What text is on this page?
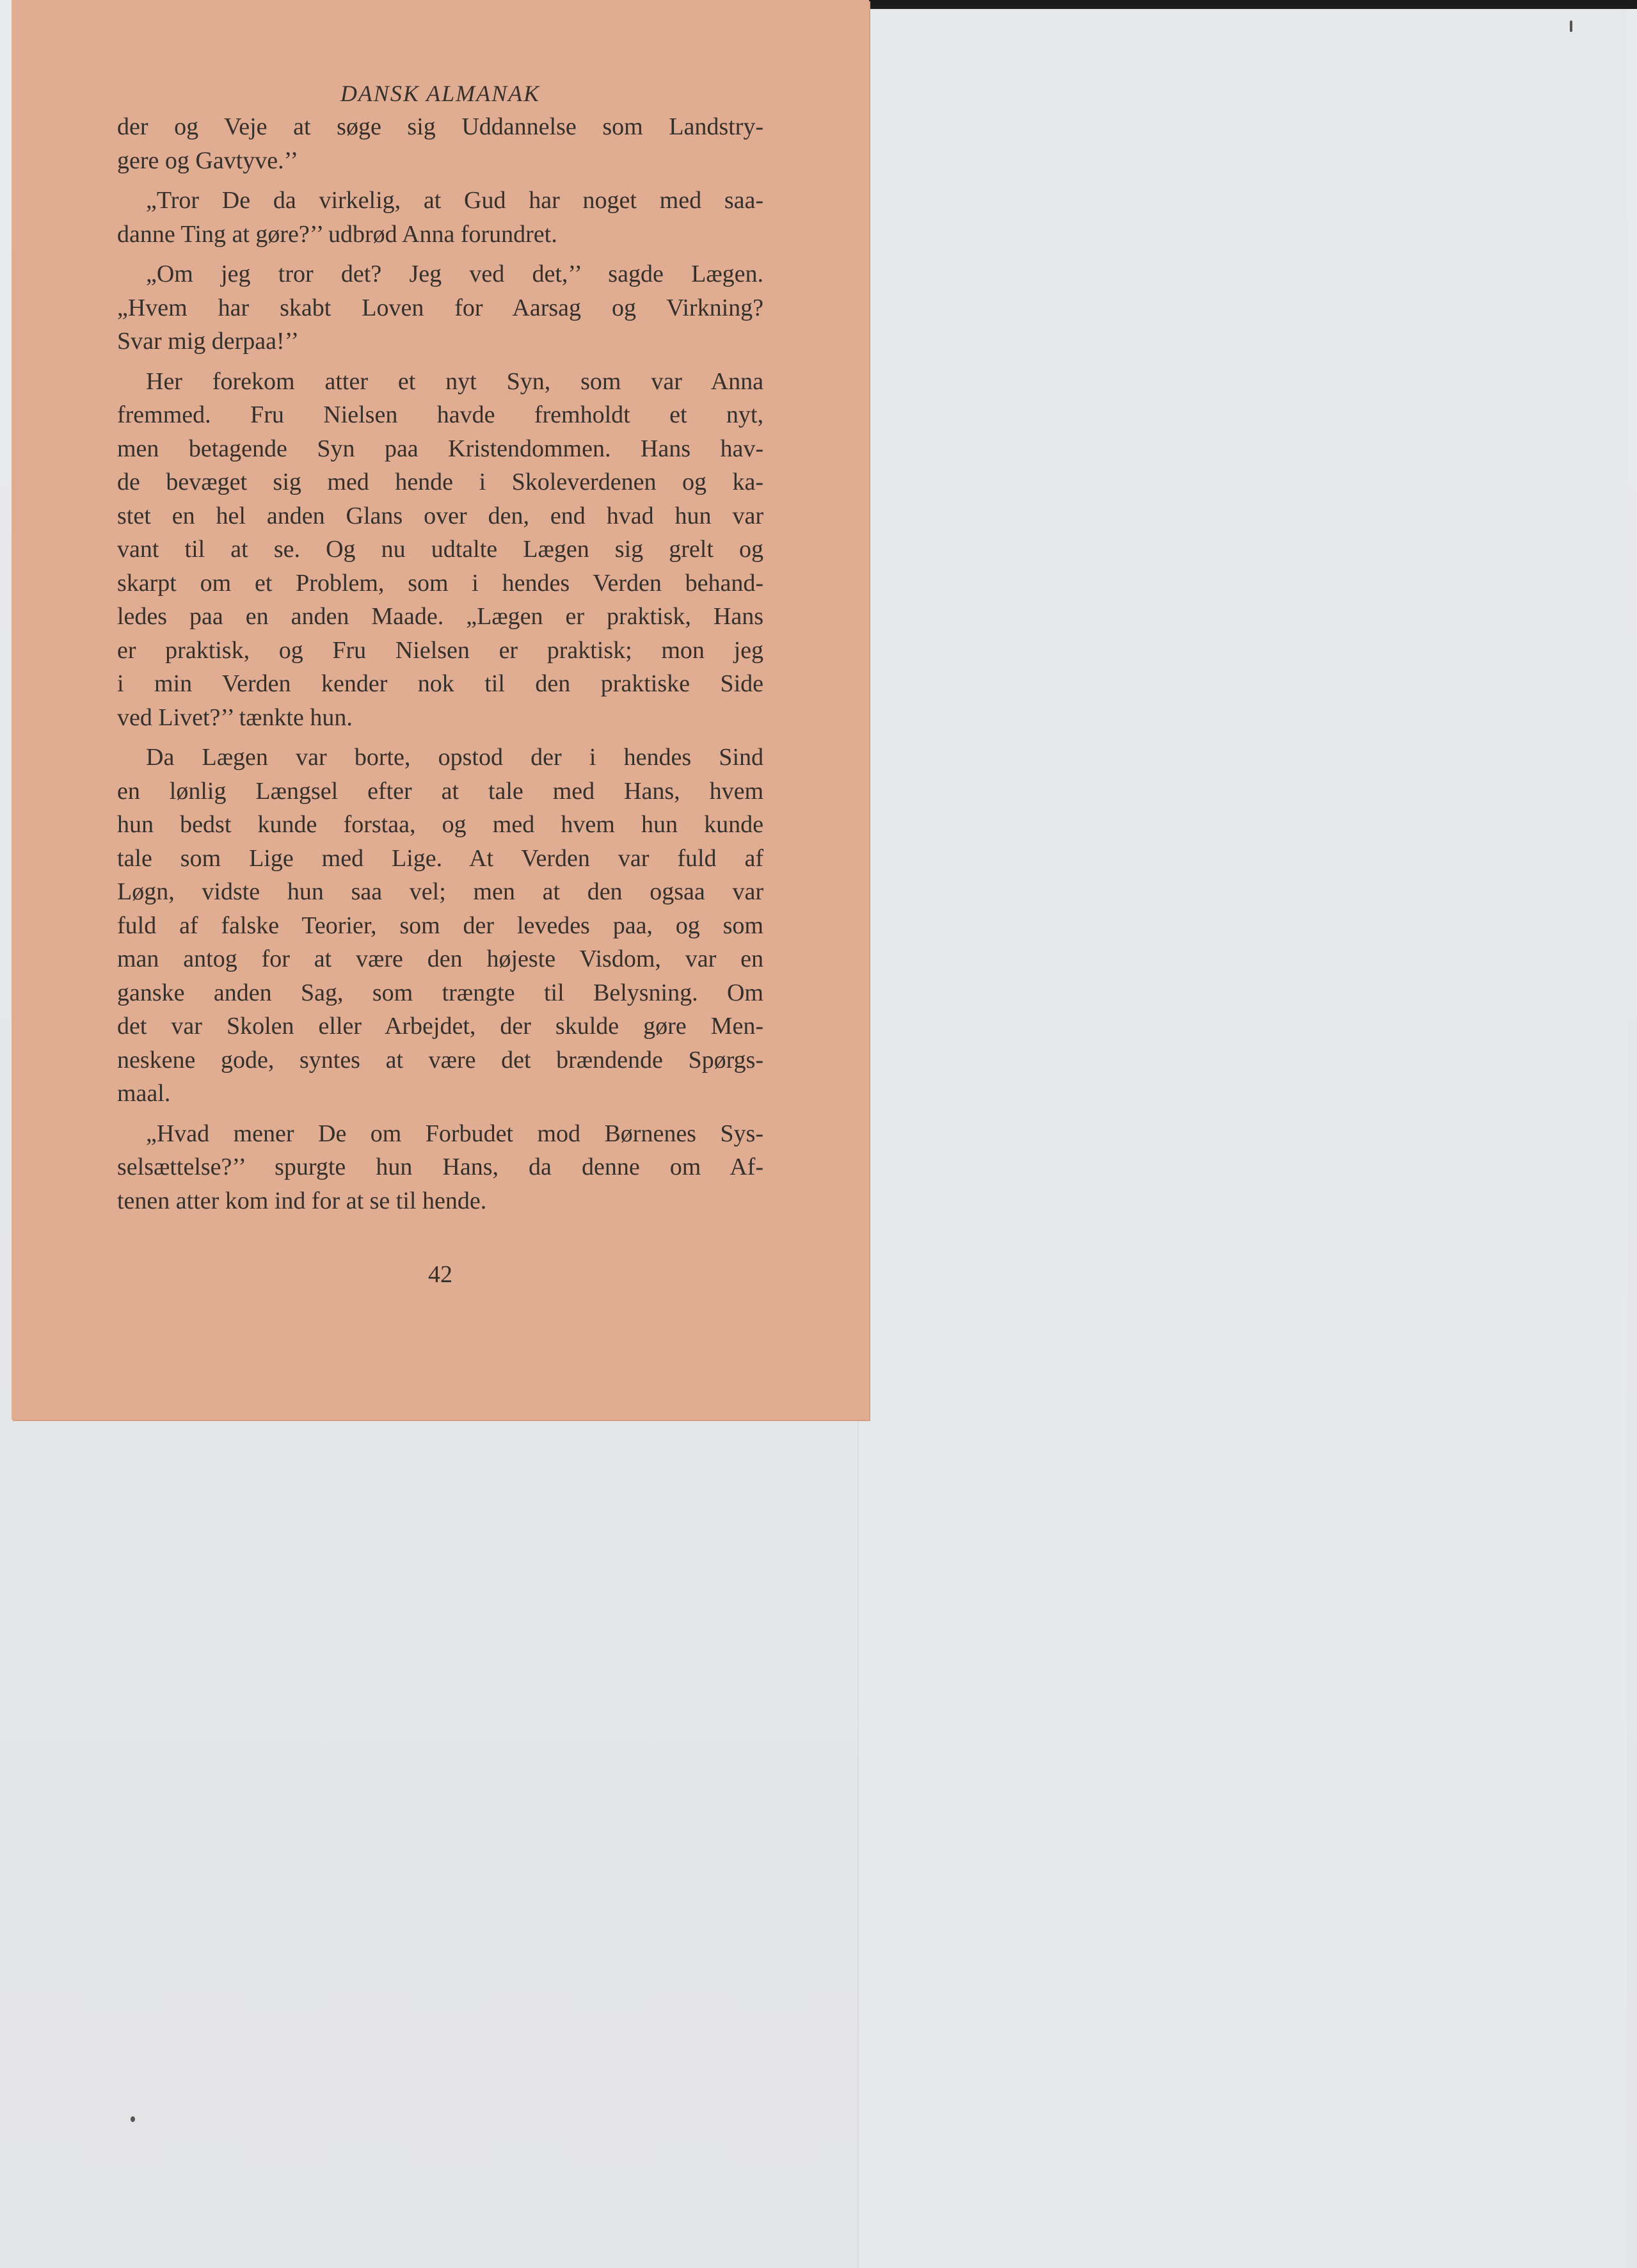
DANSK ALMANAK
der og Veje at søge sig Uddannelse som Landstry-
gere og Gavtyve.’’
„Tror De da virkelig, at Gud har noget med saa-
danne Ting at gøre?’’ udbrød Anna forundret.
„Om jeg tror det? Jeg ved det,’’ sagde Lægen.
„Hvem har skabt Loven for Aarsag og Virkning?
Svar mig derpaa!’’
Her forekom atter et nyt Syn, som var Anna
fremmed. Fru Nielsen havde fremholdt et nyt,
men betagende Syn paa Kristendommen. Hans hav-
de bevæget sig med hende i Skoleverdenen og ka-
stet en hel anden Glans over den, end hvad hun var
vant til at se. Og nu udtalte Lægen sig grelt og
skarpt om et Problem, som i hendes Verden behand-
ledes paa en anden Maade. „Lægen er praktisk, Hans
er praktisk, og Fru Nielsen er praktisk; mon jeg
i min Verden kender nok til den praktiske Side
ved Livet?’’ tænkte hun.
Da Lægen var borte, opstod der i hendes Sind
en lønlig Længsel efter at tale med Hans, hvem
hun bedst kunde forstaa, og med hvem hun kunde
tale som Lige med Lige. At Verden var fuld af
Løgn, vidste hun saa vel; men at den ogsaa var
fuld af falske Teorier, som der levedes paa, og som
man antog for at være den højeste Visdom, var en
ganske anden Sag, som trængte til Belysning. Om
det var Skolen eller Arbejdet, der skulde gøre Men-
neskene gode, syntes at være det brændende Spørgs-
maal.
„Hvad mener De om Forbudet mod Børnenes Sys-
selsættelse?’’ spurgte hun Hans, da denne om Af-
tenen atter kom ind for at se til hende.
42
